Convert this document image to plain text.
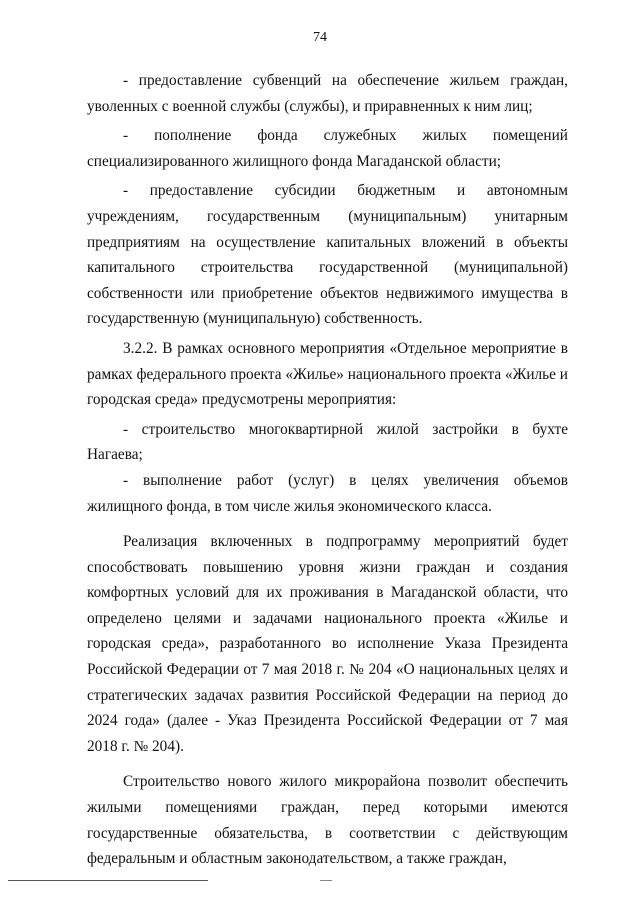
74

- предоставление субвенций на обеспечение жильем граждан, уволенных с военной службы (службы), и приравненных к ним лиц;

- пополнение фонда служебных жилых помещений специализированного жилищного фонда Магаданской области;

- предоставление субсидии бюджетным и автономным учреждениям, государственным (муниципальным) унитарным предприятиям на осуществление капитальных вложений в объекты капитального строительства государственной (муниципальной) собственности или приобретение объектов недвижимого имущества в государственную (муниципальную) собственность.

3.2.2. В рамках основного мероприятия «Отдельное мероприятие в рамках федерального проекта «Жилье» национального проекта «Жилье и городская среда» предусмотрены мероприятия:

- строительство многоквартирной жилой застройки в бухте Нагаева;

- выполнение работ (услуг) в целях увеличения объемов жилищного фонда, в том числе жилья экономического класса.

Реализация включенных в подпрограмму мероприятий будет способствовать повышению уровня жизни граждан и создания комфортных условий для их проживания в Магаданской области, что определено целями и задачами национального проекта «Жилье и городская среда», разработанного во исполнение Указа Президента Российской Федерации от 7 мая 2018 г. № 204 «О национальных целях и стратегических задачах развития Российской Федерации на период до 2024 года» (далее - Указ Президента Российской Федерации от 7 мая 2018 г. № 204).

Строительство нового жилого микрорайона позволит обеспечить жилыми помещениями граждан, перед которыми имеются государственные обязательства, в соответствии с действующим федеральным и областным законодательством, а также граждан,
